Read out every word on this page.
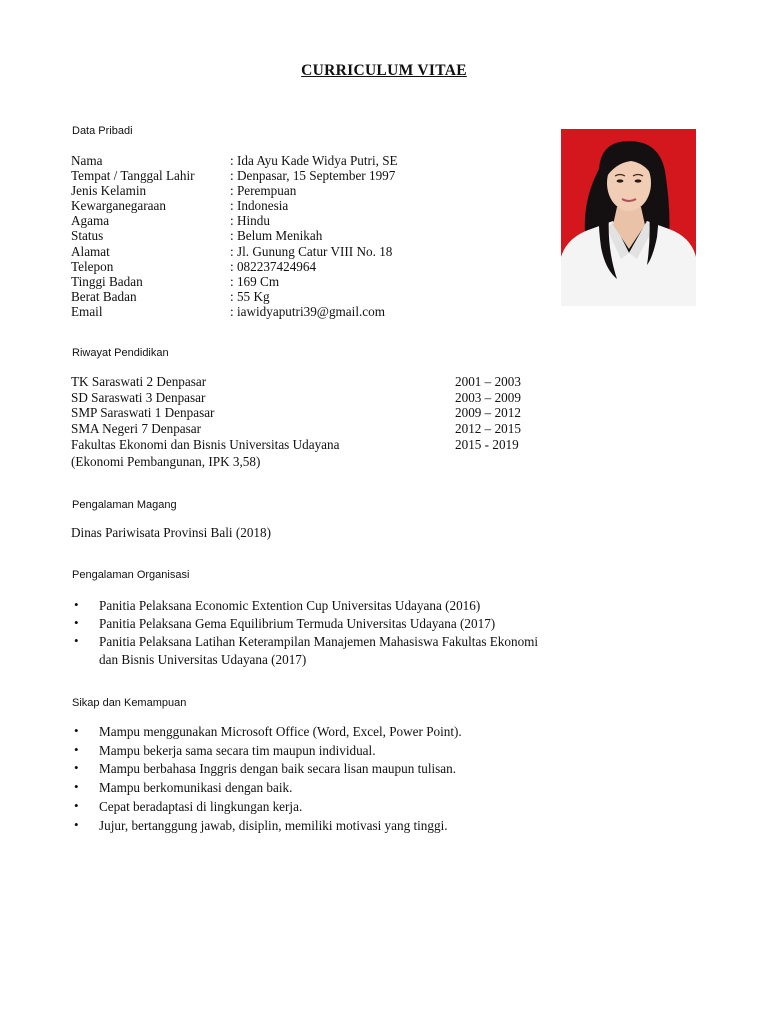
CURRICULUM VITAE
Data Pribadi
Nama	: Ida Ayu Kade Widya Putri, SE
Tempat / Tanggal Lahir	: Denpasar, 15 September 1997
Jenis Kelamin	: Perempuan
Kewarganegaraan	: Indonesia
Agama	: Hindu
Status	: Belum Menikah
Alamat	: Jl. Gunung Catur VIII No. 18
Telepon	: 082237424964
Tinggi Badan	: 169 Cm
Berat Badan	: 55 Kg
Email	: iawidyaputri39@gmail.com
Riwayat Pendidikan
TK Saraswati 2 Denpasar	2001 – 2003
SD Saraswati 3 Denpasar	2003 – 2009
SMP Saraswati 1 Denpasar	2009 – 2012
SMA Negeri 7 Denpasar	2012 – 2015
Fakultas Ekonomi dan Bisnis Universitas Udayana	2015 - 2019
(Ekonomi Pembangunan, IPK 3,58)
Pengalaman Magang
Dinas Pariwisata Provinsi Bali (2018)
Pengalaman Organisasi
• Panitia Pelaksana Economic Extention Cup Universitas Udayana (2016)
• Panitia Pelaksana Gema Equilibrium Termuda Universitas Udayana (2017)
• Panitia Pelaksana Latihan Keterampilan Manajemen Mahasiswa Fakultas Ekonomi
dan Bisnis Universitas Udayana (2017)
Sikap dan Kemampuan
• Mampu menggunakan Microsoft Office (Word, Excel, Power Point).
• Mampu bekerja sama secara tim maupun individual.
• Mampu berbahasa Inggris dengan baik secara lisan maupun tulisan.
• Mampu berkomunikasi dengan baik.
• Cepat beradaptasi di lingkungan kerja.
• Jujur, bertanggung jawab, disiplin, memiliki motivasi yang tinggi.
